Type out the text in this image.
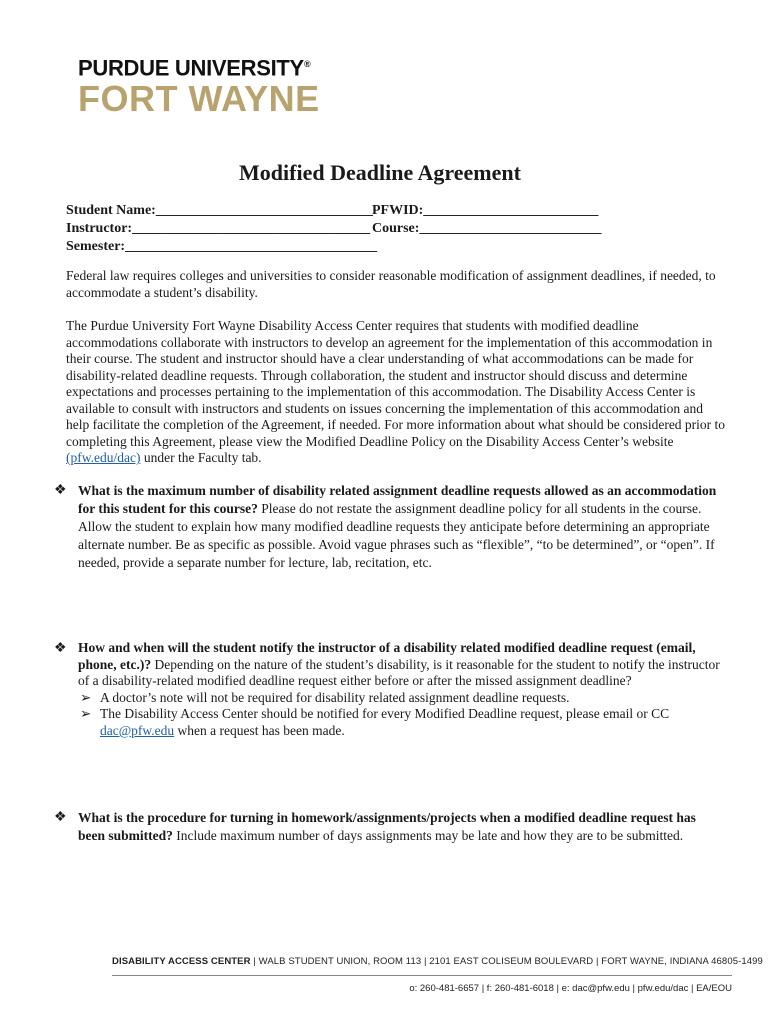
PURDUE UNIVERSITY®
FORT WAYNE
Modified Deadline Agreement
Student Name:_______________________________ PFWID:_________________________
Instructor:__________________________________ Course:__________________________
Semester:____________________________________
Federal law requires colleges and universities to consider reasonable modification of assignment deadlines, if needed, to accommodate a student’s disability.
The Purdue University Fort Wayne Disability Access Center requires that students with modified deadline accommodations collaborate with instructors to develop an agreement for the implementation of this accommodation in their course. The student and instructor should have a clear understanding of what accommodations can be made for disability-related deadline requests. Through collaboration, the student and instructor should discuss and determine expectations and processes pertaining to the implementation of this accommodation. The Disability Access Center is available to consult with instructors and students on issues concerning the implementation of this accommodation and help facilitate the completion of the Agreement, if needed. For more information about what should be considered prior to completing this Agreement, please view the Modified Deadline Policy on the Disability Access Center’s website (pfw.edu/dac) under the Faculty tab.
❖ What is the maximum number of disability related assignment deadline requests allowed as an accommodation for this student for this course? Please do not restate the assignment deadline policy for all students in the course. Allow the student to explain how many modified deadline requests they anticipate before determining an appropriate alternate number. Be as specific as possible. Avoid vague phrases such as “flexible”, “to be determined”, or “open”. If needed, provide a separate number for lecture, lab, recitation, etc.
❖ How and when will the student notify the instructor of a disability related modified deadline request (email, phone, etc.)? Depending on the nature of the student’s disability, is it reasonable for the student to notify the instructor of a disability-related modified deadline request either before or after the missed assignment deadline?
➢ A doctor’s note will not be required for disability related assignment deadline requests.
➢ The Disability Access Center should be notified for every Modified Deadline request, please email or CC dac@pfw.edu when a request has been made.
❖ What is the procedure for turning in homework/assignments/projects when a modified deadline request has been submitted? Include maximum number of days assignments may be late and how they are to be submitted.
DISABILITY ACCESS CENTER | WALB STUDENT UNION, ROOM 113 | 2101 EAST COLISEUM BOULEVARD | FORT WAYNE, INDIANA 46805-1499
o: 260-481-6657 | f: 260-481-6018 | e: dac@pfw.edu | pfw.edu/dac | EA/EOU
